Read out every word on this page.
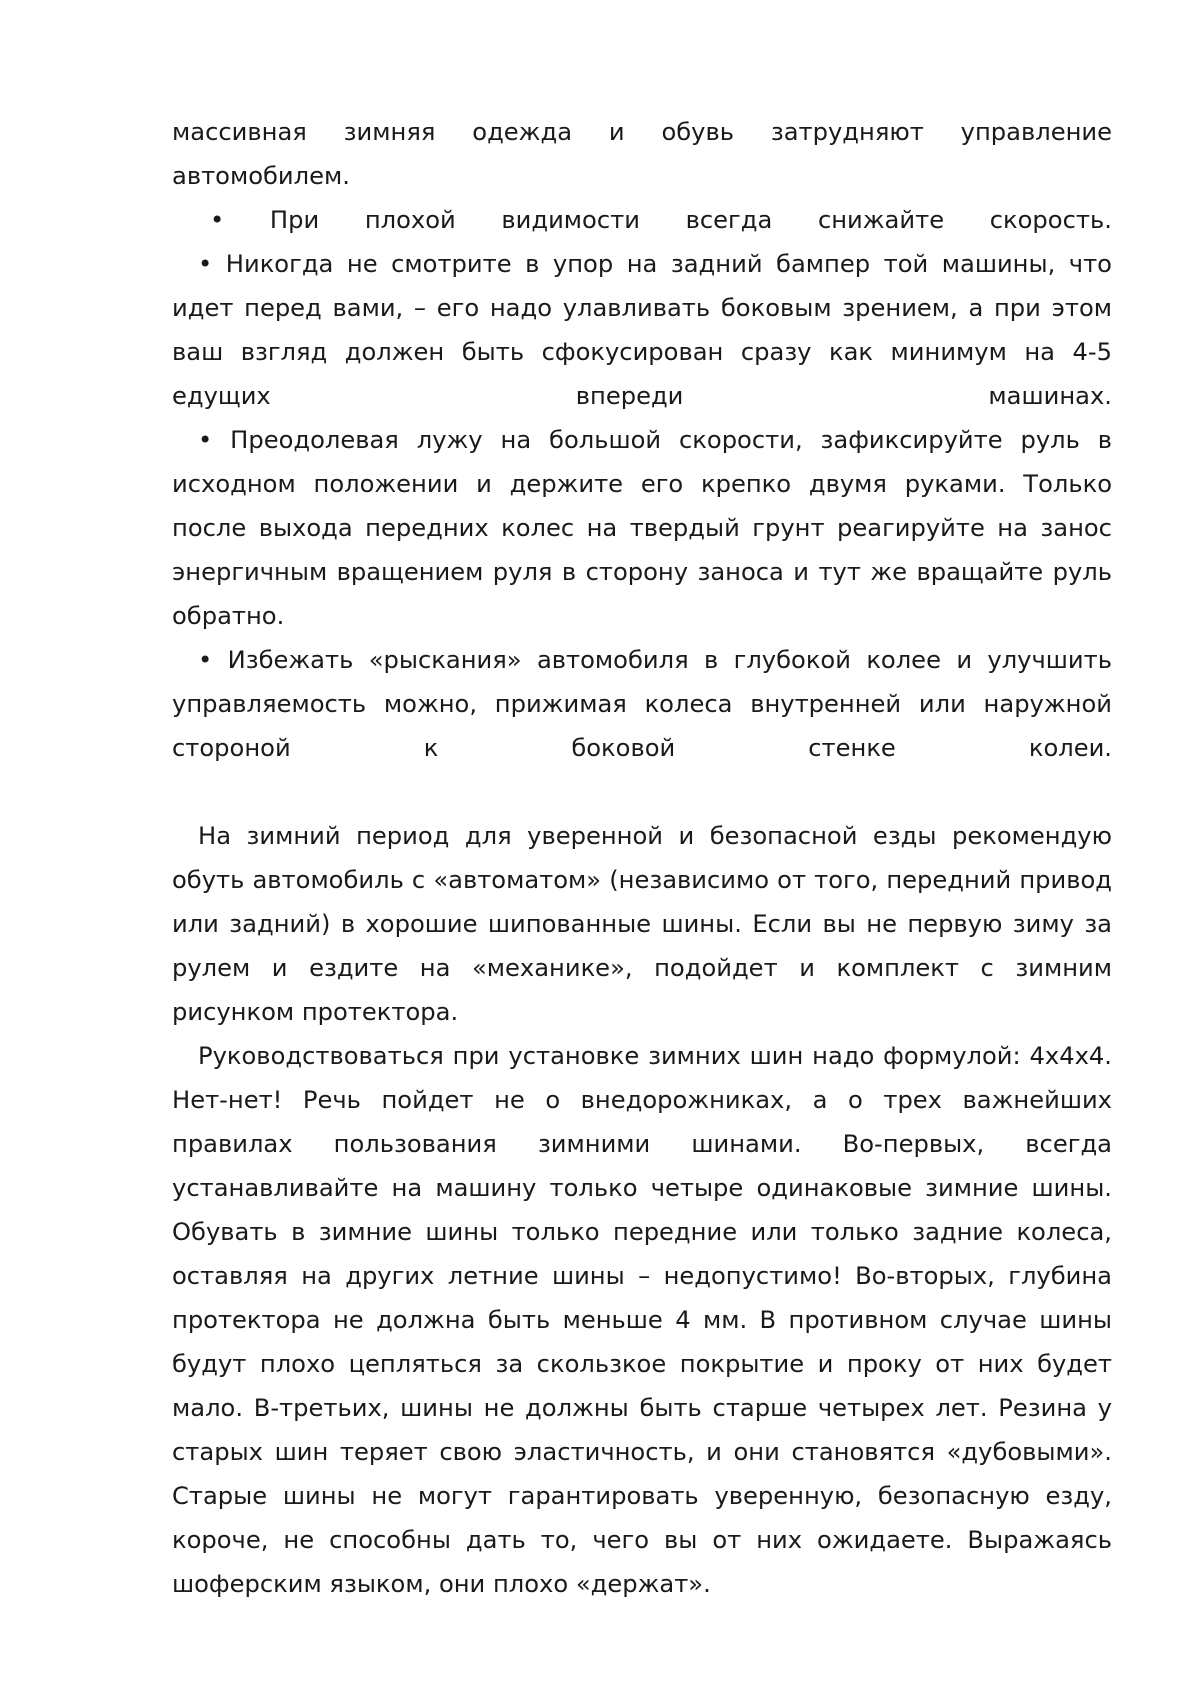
массивная зимняя одежда и обувь затрудняют управление автомобилем.

• При плохой видимости всегда снижайте скорость.

• Никогда не смотрите в упор на задний бампер той машины, что идет перед вами, – его надо улавливать боковым зрением, а при этом ваш взгляд должен быть сфокусирован сразу как минимум на 4-5 едущих впереди машинах.

• Преодолевая лужу на большой скорости, зафиксируйте руль в исходном положении и держите его крепко двумя руками. Только после выхода передних колес на твердый грунт реагируйте на занос энергичным вращением руля в сторону заноса и тут же вращайте руль обратно.

• Избежать «рыскания» автомобиля в глубокой колее и улучшить управляемость можно, прижимая колеса внутренней или наружной стороной к боковой стенке колеи.

На зимний период для уверенной и безопасной езды рекомендую обуть автомобиль с «автоматом» (независимо от того, передний привод или задний) в хорошие шипованные шины. Если вы не первую зиму за рулем и ездите на «механике», подойдет и комплект с зимним рисунком протектора.

Руководствоваться при установке зимних шин надо формулой: 4х4х4. Нет-нет! Речь пойдет не о внедорожниках, а о трех важнейших правилах пользования зимними шинами. Во-первых, всегда устанавливайте на машину только четыре одинаковые зимние шины. Обувать в зимние шины только передние или только задние колеса, оставляя на других летние шины – недопустимо! Во-вторых, глубина протектора не должна быть меньше 4 мм. В противном случае шины будут плохо цепляться за скользкое покрытие и проку от них будет мало. В-третьих, шины не должны быть старше четырех лет. Резина у старых шин теряет свою эластичность, и они становятся «дубовыми». Старые шины не могут гарантировать уверенную, безопасную езду, короче, не способны дать то, чего вы от них ожидаете. Выражаясь шоферским языком, они плохо «держат».
